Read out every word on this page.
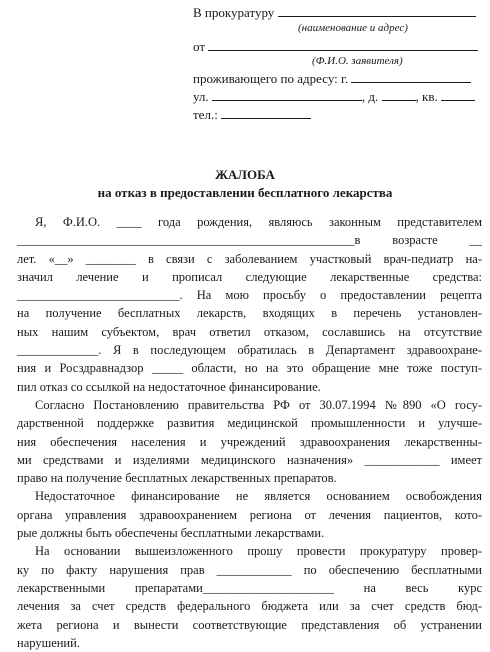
В прокуратуру
(наименование и адрес)
от
(Ф.И.О. заявителя)
проживающего по адресу: г.
ул.	, д.	, кв.
тел.:
ЖАЛОБА
на отказ в предоставлении бесплатного лекарства
Я, Ф.И.О. ____ года рождения, являюсь законным представителем
______________________________________________________в возрасте __
лет. «__» ________ в связи с заболеванием участковый врач-педиатр на-
значил лечение и прописал следующие лекарственные средства:
__________________________. На мою просьбу о предоставлении рецепта
на получение бесплатных лекарств, входящих в перечень установлен-
ных нашим субъектом, врач ответил отказом, сославшись на отсутствие
_____________. Я в последующем обратилась в Департамент здравоохране-
ния и Росздравнадзор _____ области, но на это обращение мне тоже поступ-
пил отказ со ссылкой на недостаточное финансирование.
Согласно Постановлению правительства РФ от 30.07.1994 №890 «О госу-
дарственной поддержке развития медицинской промышленности и улучше-
ния обеспечения населения и учреждений здравоохранения лекарственны-
ми средствами и изделиями медицинского назначения» ____________ имеет
право на получение бесплатных лекарственных препаратов.
Недостаточное финансирование не является основанием освобождения
органа управления здравоохранением региона от лечения пациентов, кото-
рые должны быть обеспечены бесплатными лекарствами.
На основании вышеизложенного прошу провести прокуратуру провер-
ку по факту нарушения прав ____________ по обеспечению бесплатными
лекарственными препаратами_____________________ на весь курс
лечения за счет средств федерального бюджета или за счет средств бюд-
жета региона и вынести соответствующие представления об устранении
нарушений.
